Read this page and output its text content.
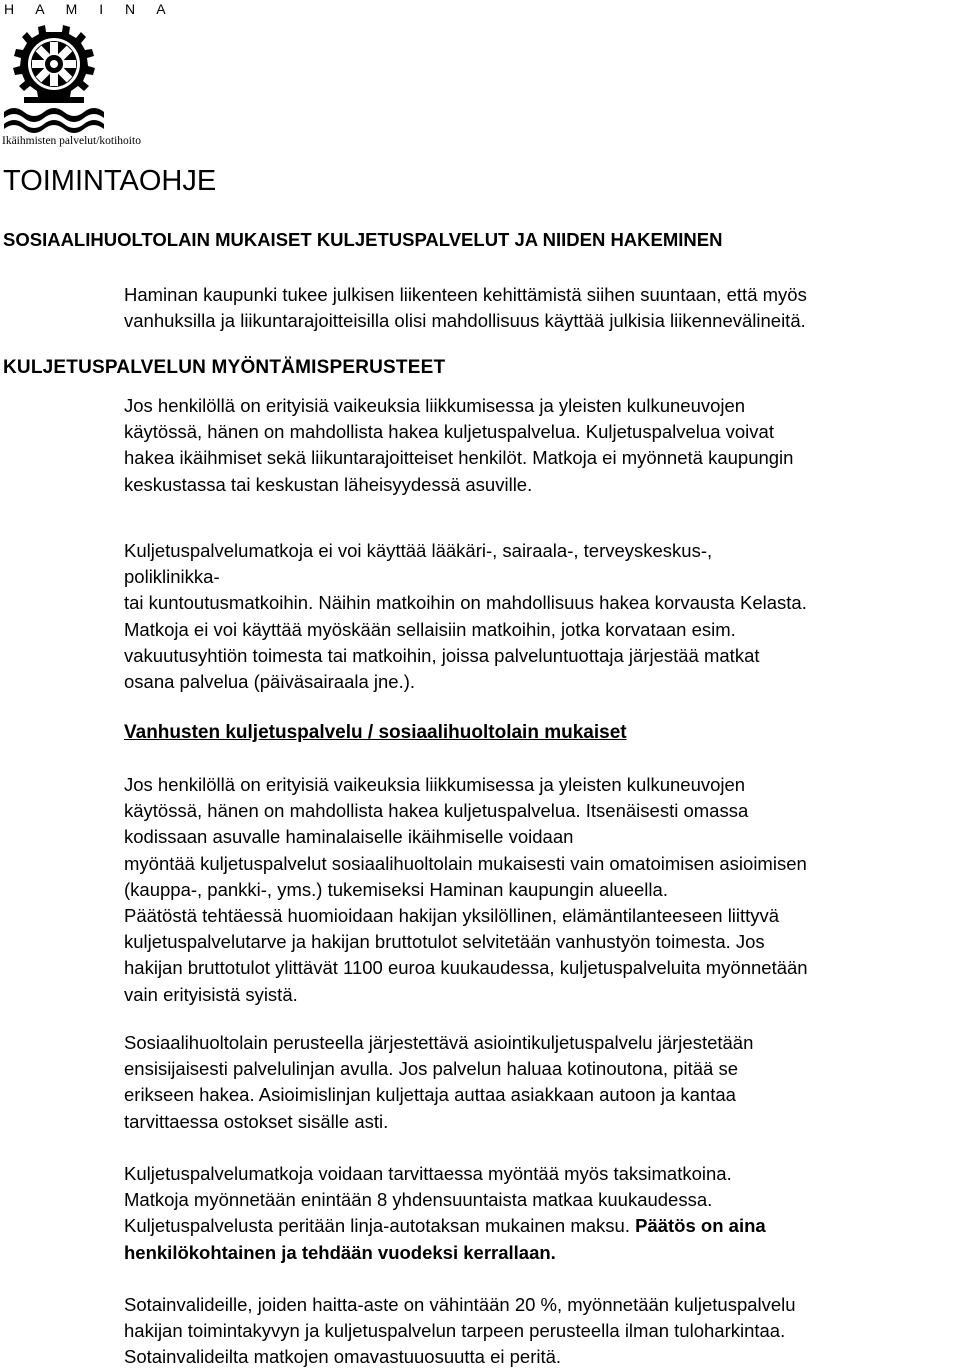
H A M I N A
Ikäihmisten palvelut/kotihoito
TOIMINTAOHJE
SOSIAALIHUOLTOLAIN MUKAISET KULJETUSPALVELUT JA NIIDEN HAKEMINEN
Haminan kaupunki tukee julkisen liikenteen kehittämistä siihen suuntaan, että myös
vanhuksilla ja liikuntarajoitteisilla olisi mahdollisuus käyttää julkisia liikennevälineitä.
KULJETUSPALVELUN MYÖNTÄMISPERUSTEET
Jos henkilöllä on erityisiä vaikeuksia liikkumisessa ja yleisten kulkuneuvojen
käytössä, hänen on mahdollista hakea kuljetuspalvelua. Kuljetuspalvelua voivat
hakea ikäihmiset sekä liikuntarajoitteiset henkilöt. Matkoja ei myönnetä kaupungin
keskustassa tai keskustan läheisyydessä asuville.
Kuljetuspalvelumatkoja ei voi käyttää lääkäri-, sairaala-, terveyskeskus-,
poliklinikka-
tai kuntoutusmatkoihin. Näihin matkoihin on mahdollisuus hakea korvausta Kelasta.
Matkoja ei voi käyttää myöskään sellaisiin matkoihin, jotka korvataan esim.
vakuutusyhtiön toimesta tai matkoihin, joissa palveluntuottaja järjestää matkat
osana palvelua (päiväsairaala jne.).
Vanhusten kuljetuspalvelu / sosiaalihuoltolain mukaiset
Jos henkilöllä on erityisiä vaikeuksia liikkumisessa ja yleisten kulkuneuvojen
käytössä, hänen on mahdollista hakea kuljetuspalvelua. Itsenäisesti omassa
kodissaan asuvalle haminalaiselle ikäihmiselle voidaan
myöntää kuljetuspalvelut sosiaalihuoltolain mukaisesti vain omatoimisen asioimisen
(kauppa-, pankki-, yms.) tukemiseksi Haminan kaupungin alueella.
Päätöstä tehtäessä huomioidaan hakijan yksilöllinen, elämäntilanteeseen liittyvä
kuljetuspalvelutarve ja hakijan bruttotulot selvitetään vanhustyön toimesta. Jos
hakijan bruttotulot ylittävät 1100 euroa kuukaudessa, kuljetuspalveluita myönnetään
vain erityisistä syistä.
Sosiaalihuoltolain perusteella järjestettävä asiointikuljetuspalvelu järjestetään
ensisijaisesti palvelulinjan avulla. Jos palvelun haluaa kotinoutona, pitää se
erikseen hakea. Asioimislinjan kuljettaja auttaa asiakkaan autoon ja kantaa
tarvittaessa ostokset sisälle asti.
Kuljetuspalvelumatkoja voidaan tarvittaessa myöntää myös taksimatkoina.
Matkoja myönnetään enintään 8 yhdensuuntaista matkaa kuukaudessa.
Kuljetuspalvelusta peritään linja-autotaksan mukainen maksu. Päätös on aina
henkilökohtainen ja tehdään vuodeksi kerrallaan.
Sotainvalideille, joiden haitta-aste on vähintään 20 %, myönnetään kuljetuspalvelu
hakijan toimintakyvyn ja kuljetuspalvelun tarpeen perusteella ilman tuloharkintaa.
Sotainvalideilta matkojen omavastuuosuutta ei peritä.
